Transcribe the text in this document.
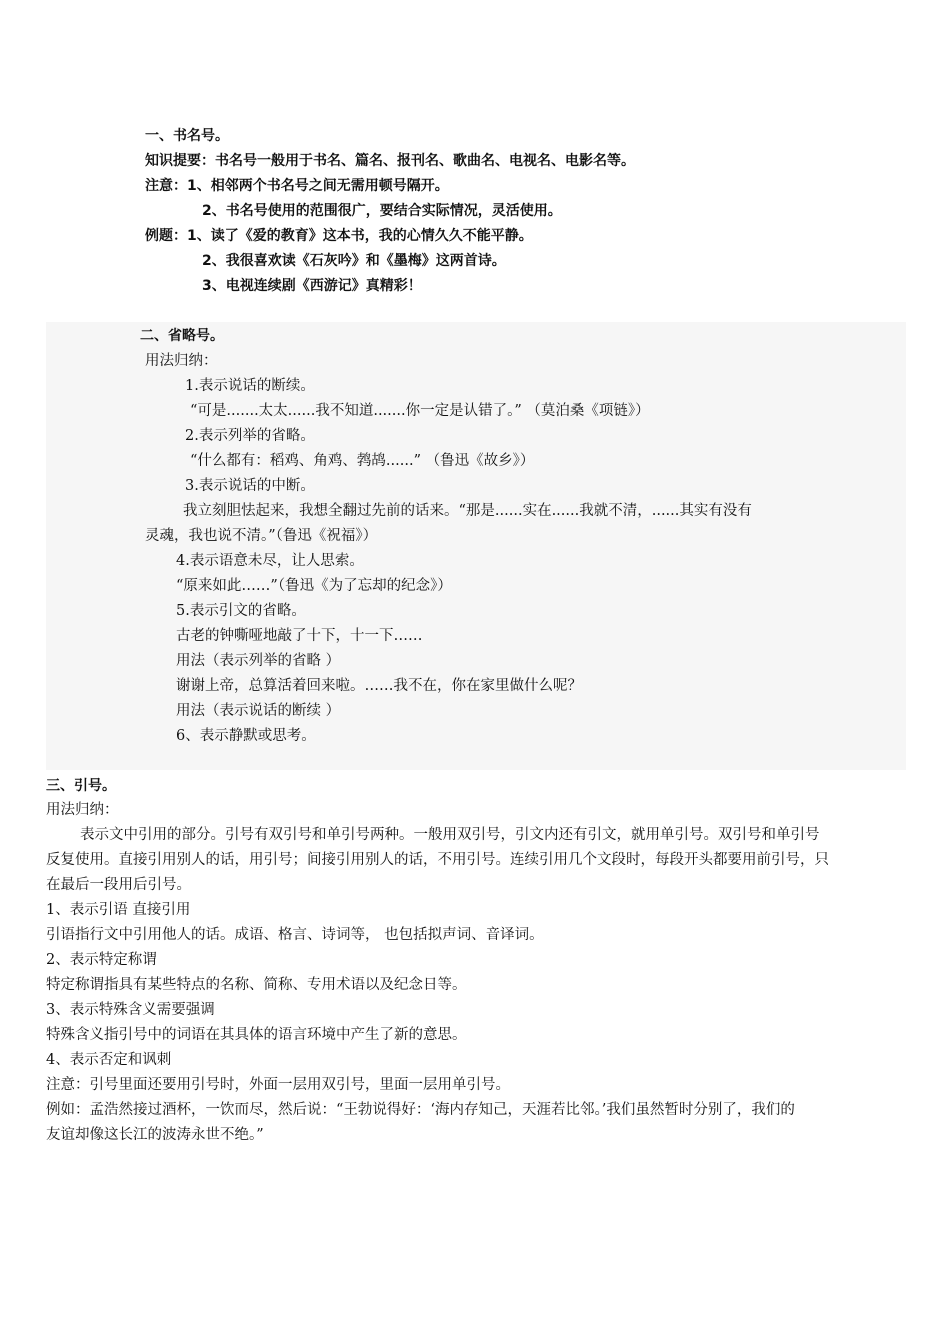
一、书名号。
知识提要：书名号一般用于书名、篇名、报刊名、歌曲名、电视名、电影名等。
注意：1、相邻两个书名号之间无需用顿号隔开。
2、书名号使用的范围很广，要结合实际情况，灵活使用。
例题：1、读了《爱的教育》这本书，我的心情久久不能平静。
2、我很喜欢读《石灰吟》和《墨梅》这两首诗。
3、电视连续剧《西游记》真精彩！
二、省略号。
用法归纳：
1.表示说话的断续。
“可是.......太太......我不知道.......你一定是认错了。” （莫泊桑《项链》）
2.表示列举的省略。
“什么都有：稻鸡、角鸡、鹁鸪......” （鲁迅《故乡》）
3.表示说话的中断。
我立刻胆怯起来，我想全翻过先前的话来。“那是......实在......我就不清，......其实有没有
灵魂，我也说不清。”（鲁迅《祝福》）
4.表示语意未尽，让人思索。
“原来如此……”（鲁迅《为了忘却的纪念》）
5.表示引文的省略。
古老的钟嘶哑地敲了十下，十一下……
用法（表示列举的省略 ）
谢谢上帝，总算活着回来啦。……我不在，你在家里做什么呢？
用法（表示说话的断续 ）
6、表示静默或思考。
三、引号。
用法归纳：
表示文中引用的部分。引号有双引号和单引号两种。一般用双引号，引文内还有引文，就用单引号。双引号和单引号
反复使用。直接引用别人的话，用引号；间接引用别人的话，不用引号。连续引用几个文段时，每段开头都要用前引号，只
在最后一段用后引号。
1、表示引语 直接引用
引语指行文中引用他人的话。成语、格言、诗词等， 也包括拟声词、音译词。
2、表示特定称谓
特定称谓指具有某些特点的名称、简称、专用术语以及纪念日等。
3、表示特殊含义需要强调
特殊含义指引号中的词语在其具体的语言环境中产生了新的意思。
4、表示否定和讽刺
注意：引号里面还要用引号时，外面一层用双引号，里面一层用单引号。
例如：孟浩然接过酒杯，一饮而尽，然后说：“王勃说得好：‘海内存知己，天涯若比邻。’我们虽然暂时分别了，我们的
友谊却像这长江的波涛永世不绝。”
